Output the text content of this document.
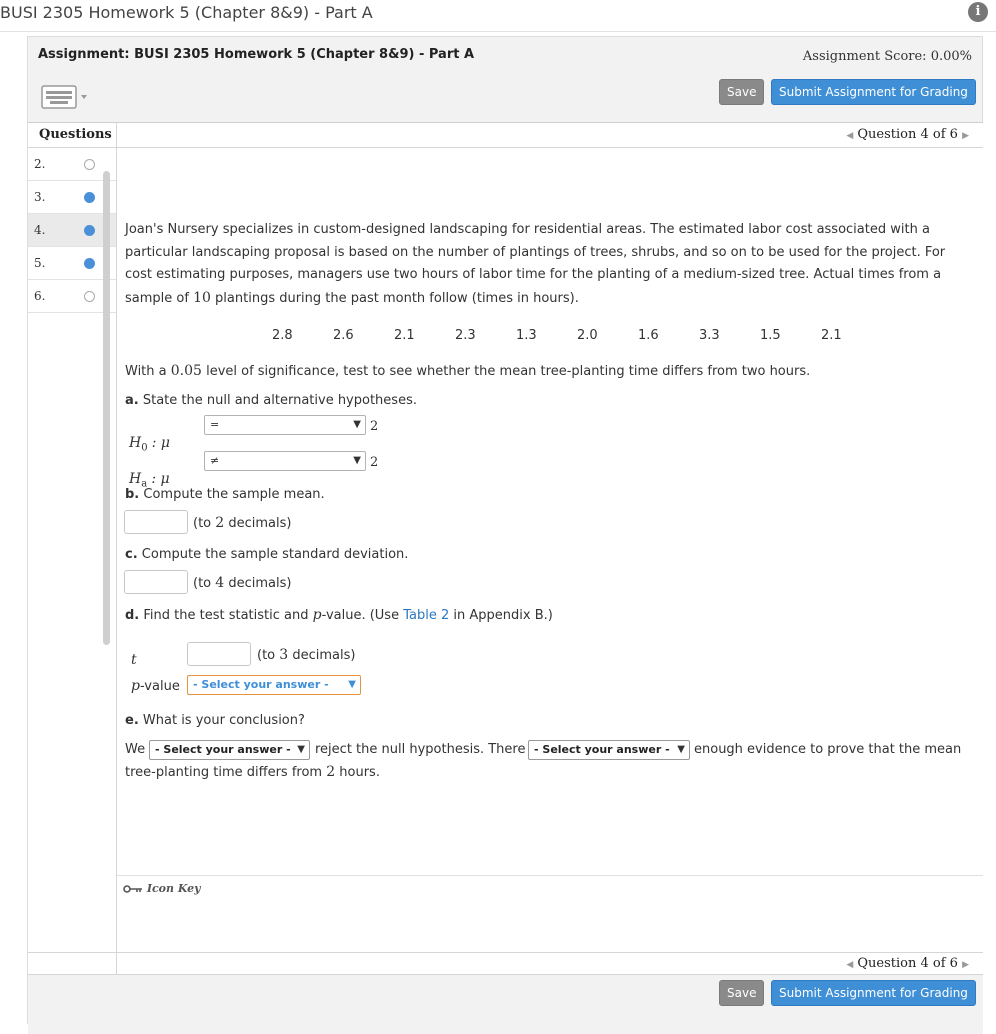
BUSI 2305 Homework 5 (Chapter 8&9) - Part A	i
Assignment: BUSI 2305 Homework 5 (Chapter 8&9) - Part A	Assignment Score: 0.00%
Save	Submit Assignment for Grading
Questions
2.
3.
4.
5.
6.
◀ Question 4 of 6 ▶
Joan's Nursery specializes in custom-designed landscaping for residential areas. The estimated labor cost associated with a particular landscaping proposal is based on the number of plantings of trees, shrubs, and so on to be used for the project. For cost estimating purposes, managers use two hours of labor time for the planting of a medium-sized tree. Actual times from a sample of 10 plantings during the past month follow (times in hours).
2.8	2.6	2.1	2.3	1.3	2.0	1.6	3.3	1.5	2.1
With a 0.05 level of significance, test to see whether the mean tree-planting time differs from two hours.
a. State the null and alternative hypotheses.
$H_0$ : μ
=	▼ 2
$H_a$ : μ
≠	▼ 2
b. Compute the sample mean.
(to 2 decimals)
c. Compute the sample standard deviation.
(to 4 decimals)
d. Find the test statistic and p-value. (Use Table 2 in Appendix B.)
t	(to 3 decimals)
p-value	- Select your answer - ▼
e. What is your conclusion?
We - Select your answer - ▼ reject the null hypothesis. There - Select your answer - ▼ enough evidence to prove that the mean
tree-planting time differs from 2 hours.
Icon Key
◀ Question 4 of 6 ▶
Save	Submit Assignment for Grading
